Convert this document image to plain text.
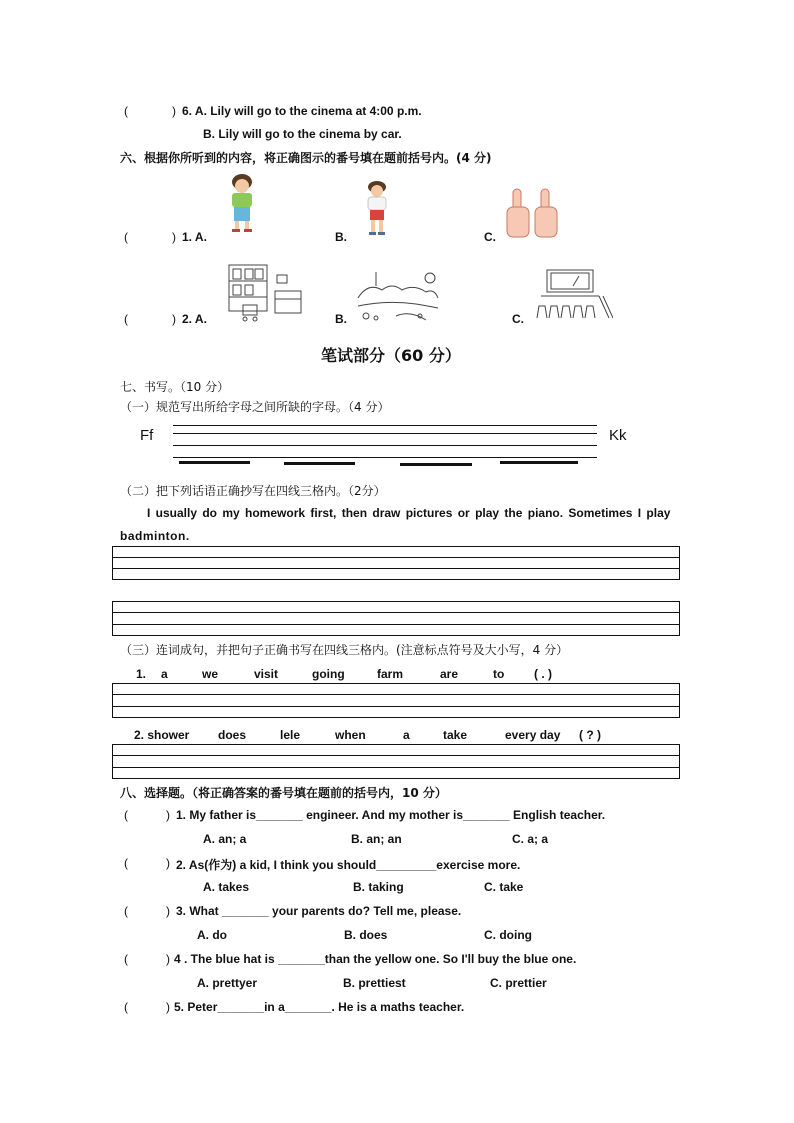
(	) 6. A. Lily will go to the cinema at 4:00 p.m.
B. Lily will go to the cinema by car.
六、根据你所听到的内容，将正确图示的番号填在题前括号内。(4 分)
(	) 1. A.	B.	C.
(	) 2. A.	B.	C.
笔试部分（60 分）
七、书写。（10 分）
（一）规范写出所给字母之间所缺的字母。（4 分）
Ff	Kk
（二）把下列话语正确抄写在四线三格内。（2分）
I usually do my homework first, then draw pictures or play the piano. Sometimes I play
badminton.
（三）连词成句，并把句子正确书写在四线三格内。(注意标点符号及大小写，4 分）
1. a	we	visit	going	farm	are	to ( . )
2. shower does	lele	when	a	take	every day ( ? )
八、选择题。（将正确答案的番号填在题前的括号内，10 分）
(	) 1. My father is_______ engineer. And my mother is_______ English teacher.
A. an; a	B. an; an	C. a; a
(	) 2. As(作为) a kid, I think you should_________exercise more.
A. takes	B. taking	C. take
(	) 3. What _______ your parents do? Tell me, please.
A. do	B. does	C. doing
(	) 4 . The blue hat is _______than the yellow one. So I'll buy the blue one.
A. prettyer	B. prettiest	C. prettier
(	) 5. Peter_______in a_______. He is a maths teacher.
